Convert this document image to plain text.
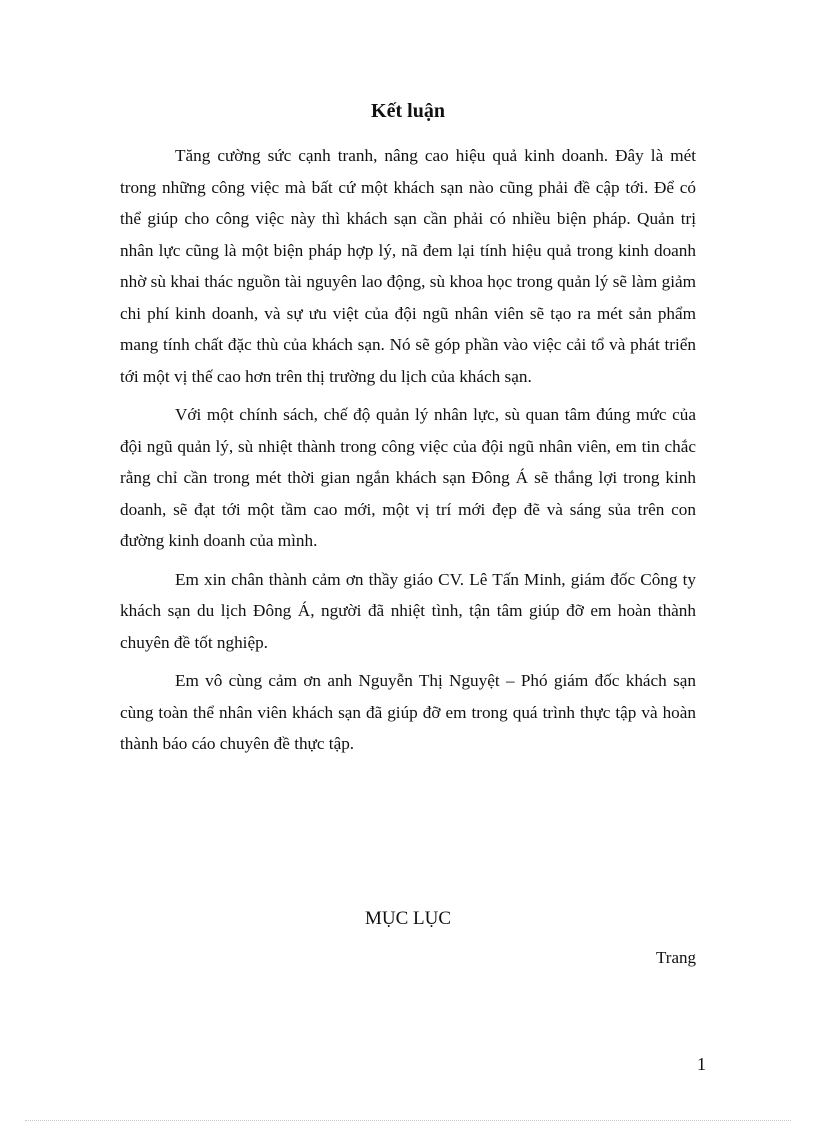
Kết luận

Tăng cường sức cạnh tranh, nâng cao hiệu quả kinh doanh. Đây là mét trong những công việc mà bất cứ một khách sạn nào cũng phải đề cập tới. Để có thể giúp cho công việc này thì khách sạn cần phải có nhiều biện pháp. Quản trị nhân lực cũng là một biện pháp hợp lý, nã đem lại tính hiệu quả trong kinh doanh nhờ sù khai thác nguồn tài nguyên lao động, sù khoa học trong quản lý sẽ làm giảm chi phí kinh doanh, và sự ưu việt của đội ngũ nhân viên sẽ tạo ra mét sản phẩm mang tính chất đặc thù của khách sạn. Nó sẽ góp phần vào việc cải tổ và phát triển tới một vị thế cao hơn trên thị trường du lịch của khách sạn.

Với một chính sách, chế độ quản lý nhân lực, sù quan tâm đúng mức của đội ngũ quản lý, sù nhiệt thành trong công việc của đội ngũ nhân viên, em tin chắc rằng chỉ cần trong mét thời gian ngắn khách sạn Đông Á sẽ thắng lợi trong kinh doanh, sẽ đạt tới một tầm cao mới, một vị trí mới đẹp đẽ và sáng sủa trên con đường kinh doanh của mình.

Em xin chân thành cảm ơn thầy giáo CV. Lê Tấn Minh, giám đốc Công ty khách sạn du lịch Đông Á, người đã nhiệt tình, tận tâm giúp đỡ em hoàn thành chuyên đề tốt nghiệp.

Em vô cùng cảm ơn anh Nguyễn Thị Nguyệt – Phó giám đốc khách sạn cùng toàn thể nhân viên khách sạn đã giúp đỡ em trong quá trình thực tập và hoàn thành báo cáo chuyên đề thực tập.

MỤC LỤC
Trang
1
